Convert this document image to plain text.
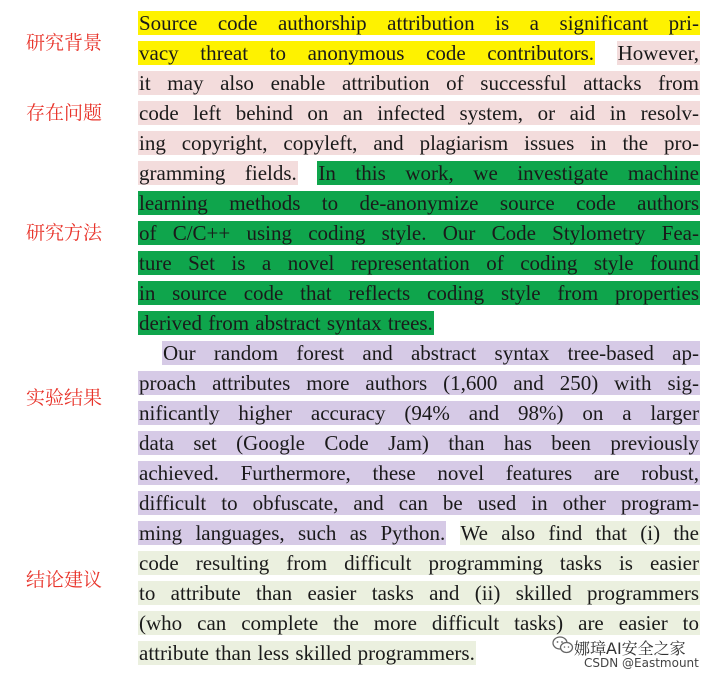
研究背景
存在问题
研究方法
实验结果
结论建议
Source code authorship attribution is a significant pri-
vacy threat to anonymous code contributors. However,
it may also enable attribution of successful attacks from
code left behind on an infected system, or aid in resolv-
ing copyright, copyleft, and plagiarism issues in the pro-
gramming fields. In this work, we investigate machine
learning methods to de-anonymize source code authors
of C/C++ using coding style. Our Code Stylometry Fea-
ture Set is a novel representation of coding style found
in source code that reflects coding style from properties
derived from abstract syntax trees.
Our random forest and abstract syntax tree-based ap-
proach attributes more authors (1,600 and 250) with sig-
nificantly higher accuracy (94% and 98%) on a larger
data set (Google Code Jam) than has been previously
achieved. Furthermore, these novel features are robust,
difficult to obfuscate, and can be used in other program-
ming languages, such as Python. We also find that (i) the
code resulting from difficult programming tasks is easier
to attribute than easier tasks and (ii) skilled programmers
(who can complete the more difficult tasks) are easier to
attribute than less skilled programmers.	娜璋AI安全之家
CSDN @Eastmount
